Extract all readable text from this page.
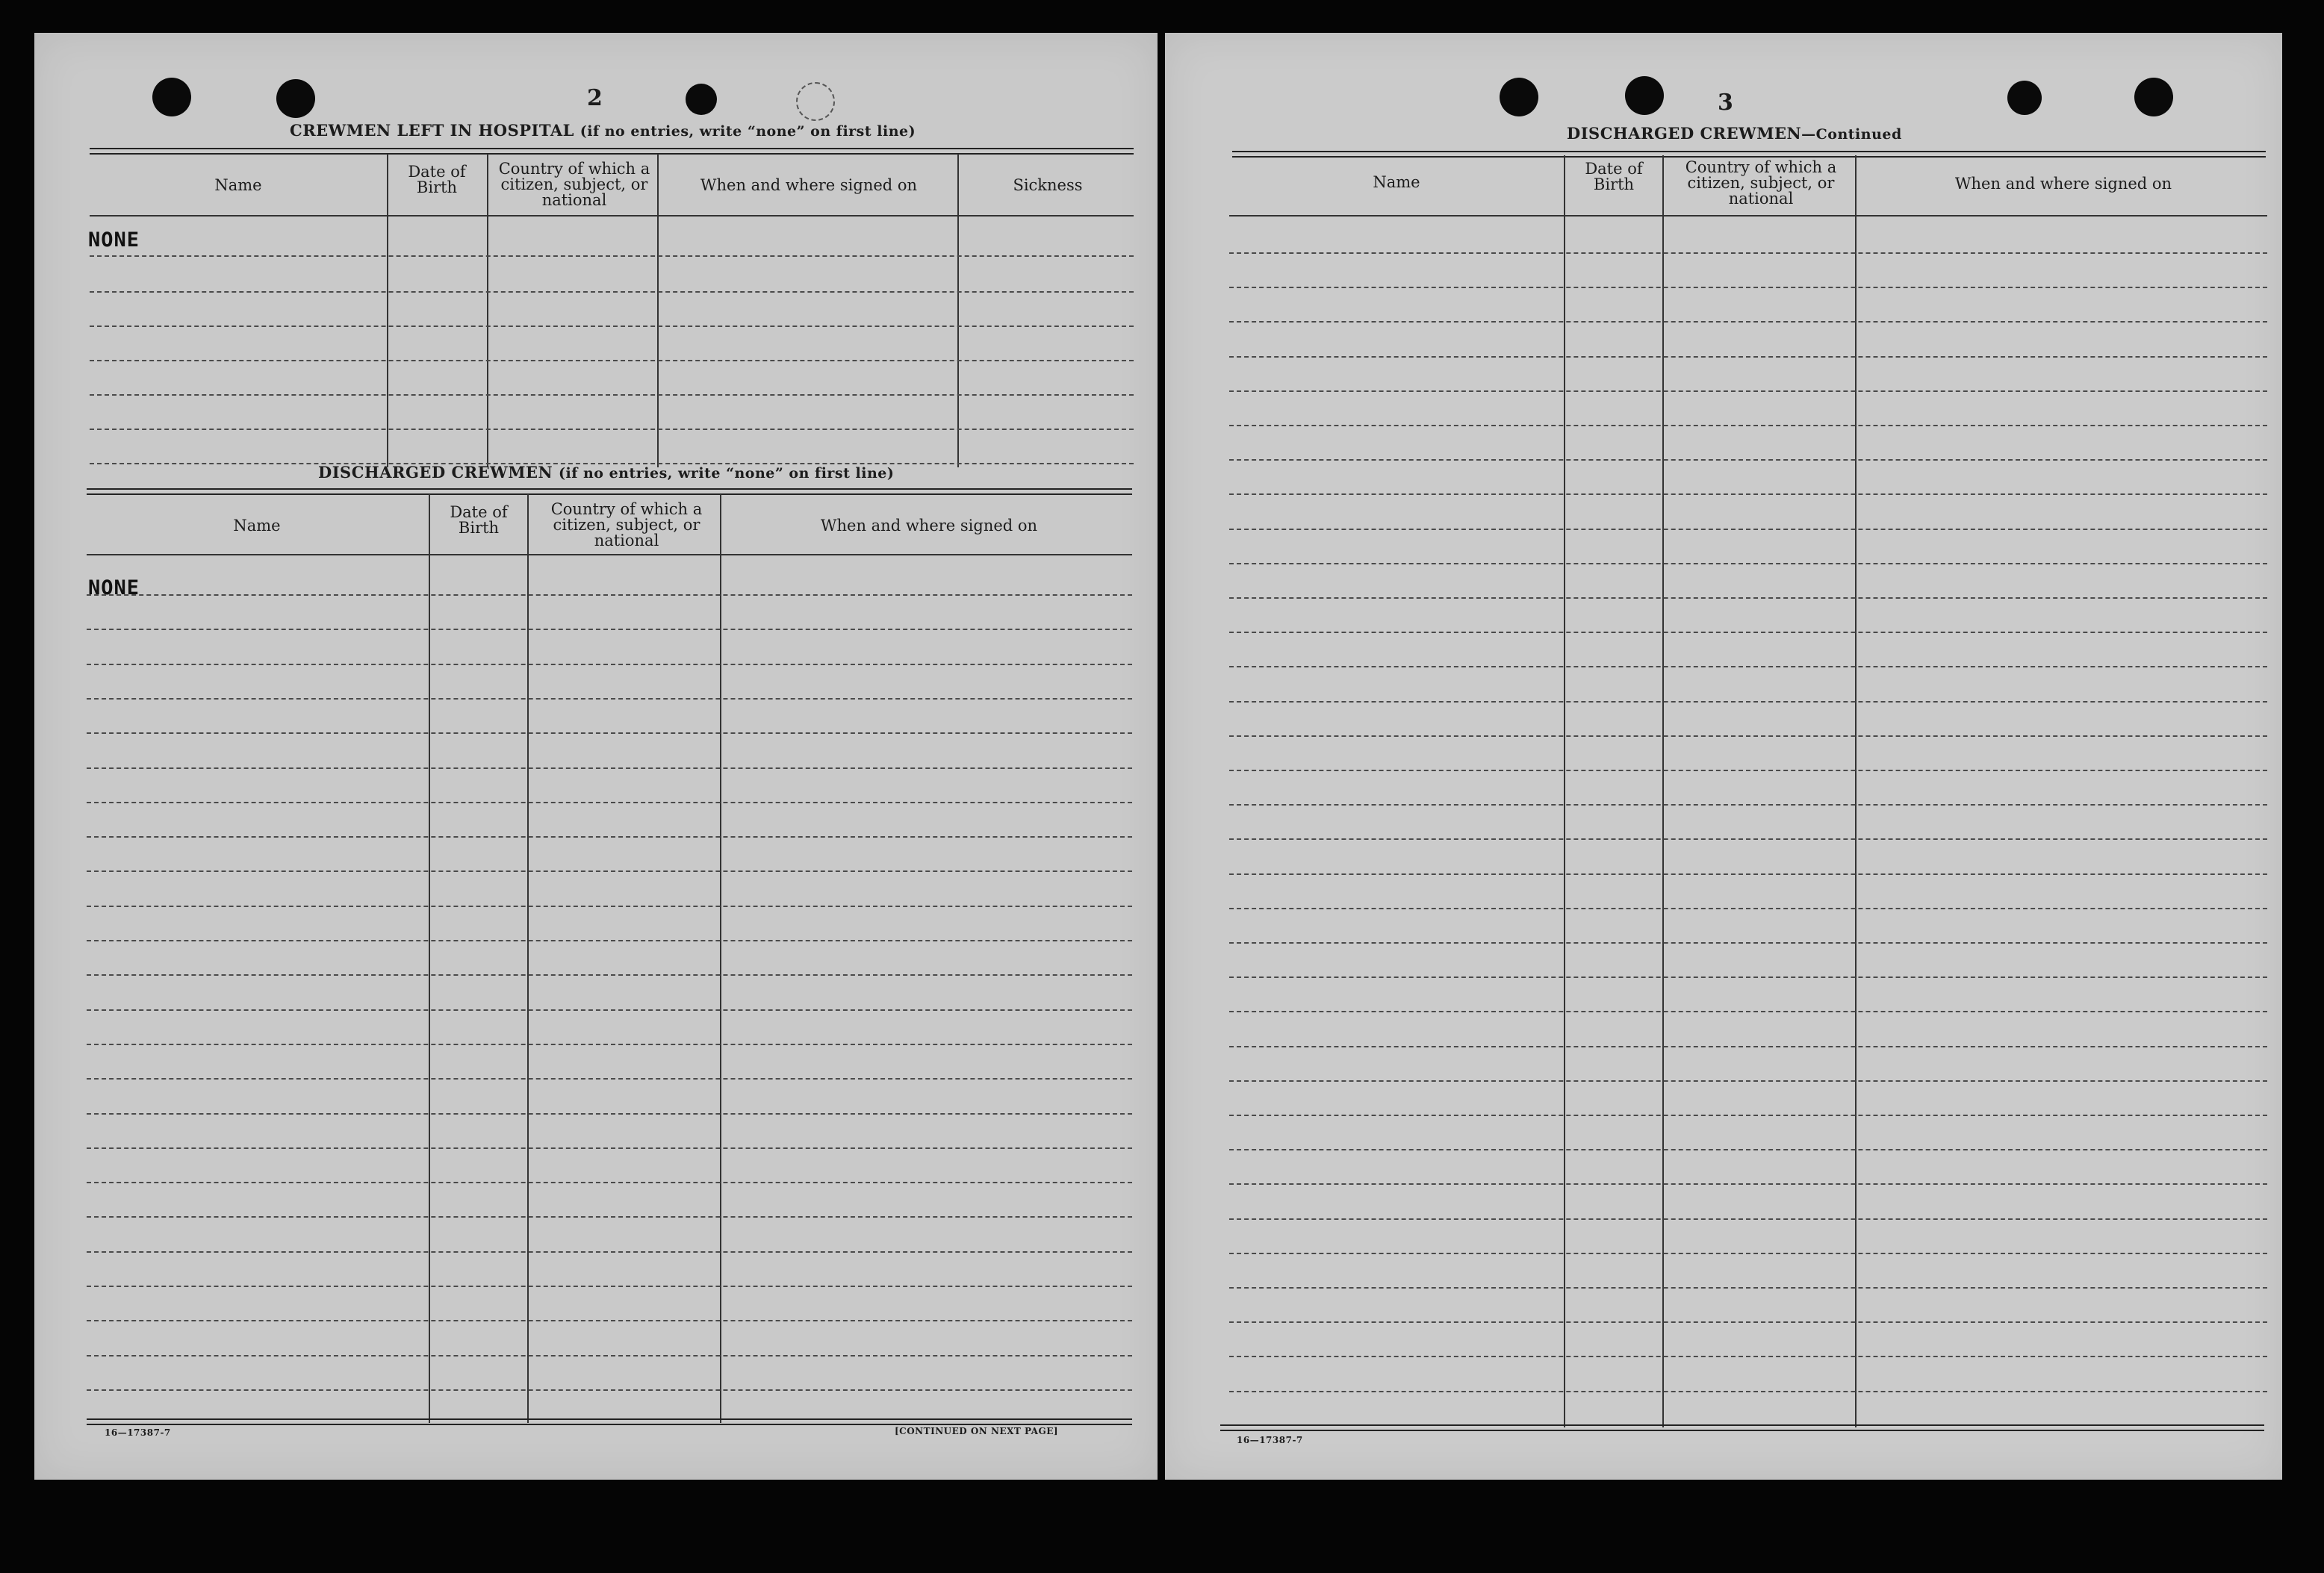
2
CREWMEN LEFT IN HOSPITAL (if no entries, write “none” on first line)
Name
Date of Birth
Country of which a citizen, subject, or national
When and where signed on	Sickness
NONE
DISCHARGED CREWMEN (if no entries, write “none” on first line)
Name
Date of Birth
Country of which a citizen, subject, or national
When and where signed on
NONE
16—17387-7	[CONTINUED ON NEXT PAGE]
3
DISCHARGED CREWMEN—Continued
Name
Date of Birth
Country of which a citizen, subject, or national
When and where signed on
16—17387-7
